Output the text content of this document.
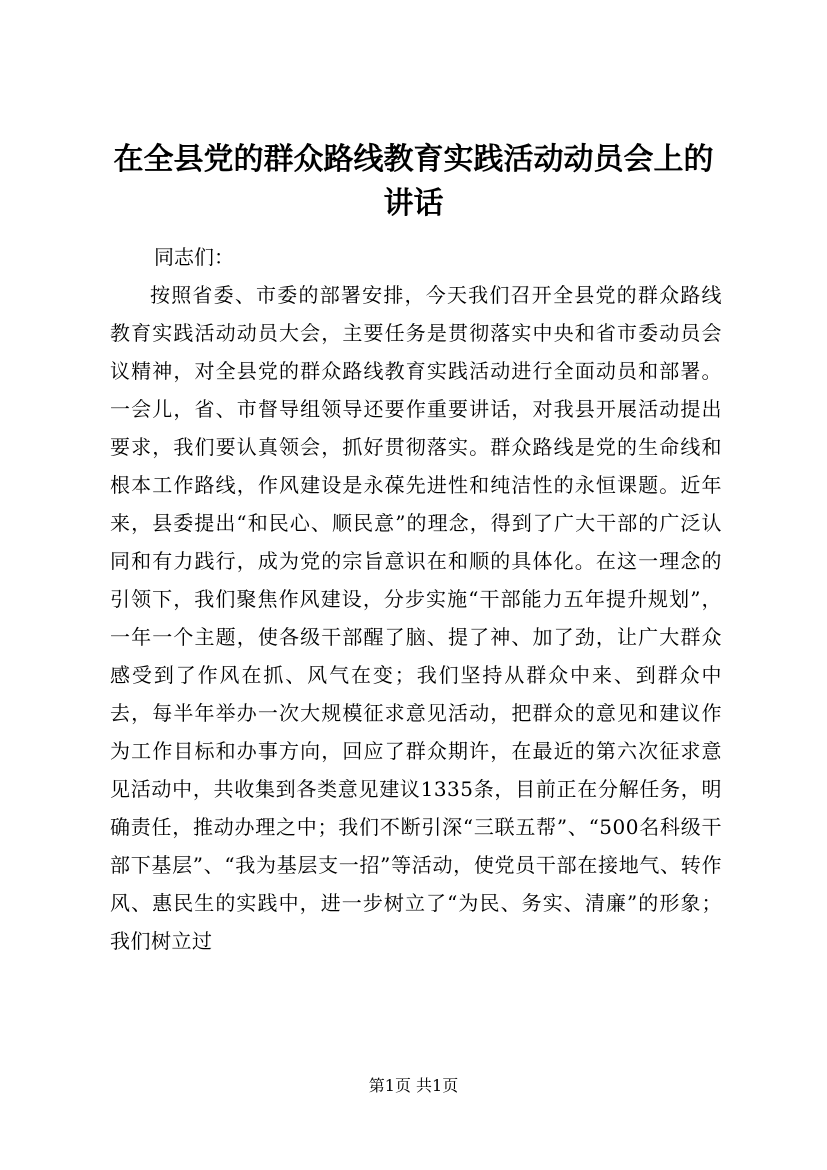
在全县党的群众路线教育实践活动动员会上的讲话

同志们：

按照省委、市委的部署安排，今天我们召开全县党的群众路线教育实践活动动员大会，主要任务是贯彻落实中央和省市委动员会议精神，对全县党的群众路线教育实践活动进行全面动员和部署。一会儿，省、市督导组领导还要作重要讲话，对我县开展活动提出要求，我们要认真领会，抓好贯彻落实。群众路线是党的生命线和根本工作路线，作风建设是永葆先进性和纯洁性的永恒课题。近年来，县委提出“和民心、顺民意”的理念，得到了广大干部的广泛认同和有力践行，成为党的宗旨意识在和顺的具体化。在这一理念的引领下，我们聚焦作风建设，分步实施“干部能力五年提升规划”，一年一个主题，使各级干部醒了脑、提了神、加了劲，让广大群众感受到了作风在抓、风气在变；我们坚持从群众中来、到群众中去，每半年举办一次大规模征求意见活动，把群众的意见和建议作为工作目标和办事方向，回应了群众期许，在最近的第六次征求意见活动中，共收集到各类意见建议1335条，目前正在分解任务，明确责任，推动办理之中；我们不断引深“三联五帮”、“500名科级干部下基层”、“我为基层支一招”等活动，使党员干部在接地气、转作风、惠民生的实践中，进一步树立了“为民、务实、清廉”的形象；我们树立过

第1页 共1页
